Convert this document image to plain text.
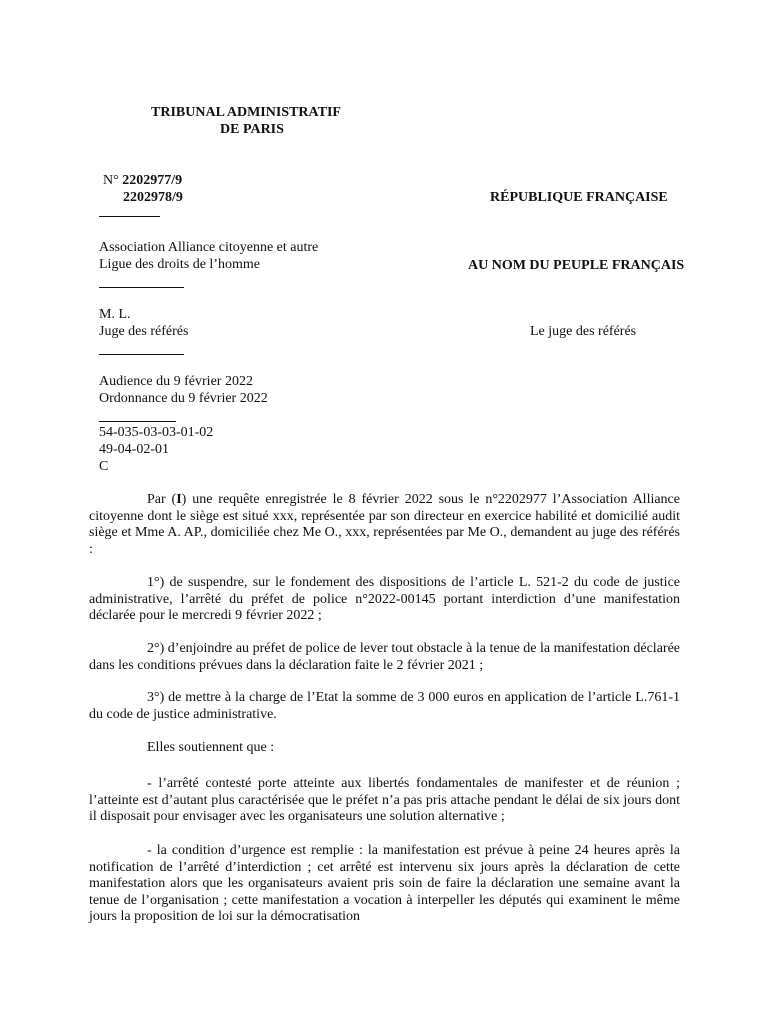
TRIBUNAL ADMINISTRATIF
DE PARIS
N° 2202977/9
2202978/9	RÉPUBLIQUE FRANÇAISE
Association Alliance citoyenne et autre
Ligue des droits de l’homme	AU NOM DU PEUPLE FRANÇAIS
M. L.
Juge des référés	Le juge des référés
Audience du 9 février 2022
Ordonnance du 9 février 2022
54-035-03-03-01-02
49-04-02-01
C

Par (I) une requête enregistrée le 8 février 2022 sous le n°2202977 l’Association Alliance citoyenne dont le siège est situé xxx, représentée par son directeur en exercice habilité et domicilié audit siège et Mme A. AP., domiciliée chez Me O., xxx, représentées par Me O., demandent au juge des référés :

1°) de suspendre, sur le fondement des dispositions de l’article L. 521-2 du code de justice administrative, l’arrêté du préfet de police n°2022-00145 portant interdiction d’une manifestation déclarée pour le mercredi 9 février 2022 ;

2°) d’enjoindre au préfet de police de lever tout obstacle à la tenue de la manifestation déclarée dans les conditions prévues dans la déclaration faite le 2 février 2021 ;

3°) de mettre à la charge de l’Etat la somme de 3 000 euros en application de l’article L.761-1 du code de justice administrative.

Elles soutiennent que :

- l’arrêté contesté porte atteinte aux libertés fondamentales de manifester et de réunion ; l’atteinte est d’autant plus caractérisée que le préfet n’a pas pris attache pendant le délai de six jours dont il disposait pour envisager avec les organisateurs une solution alternative ;

- la condition d’urgence est remplie : la manifestation est prévue à peine 24 heures après la notification de l’arrêté d’interdiction ; cet arrêté est intervenu six jours après la déclaration de cette manifestation alors que les organisateurs avaient pris soin de faire la déclaration une semaine avant la tenue de l’organisation ; cette manifestation a vocation à interpeller les députés qui examinent le même jours la proposition de loi sur la démocratisation
